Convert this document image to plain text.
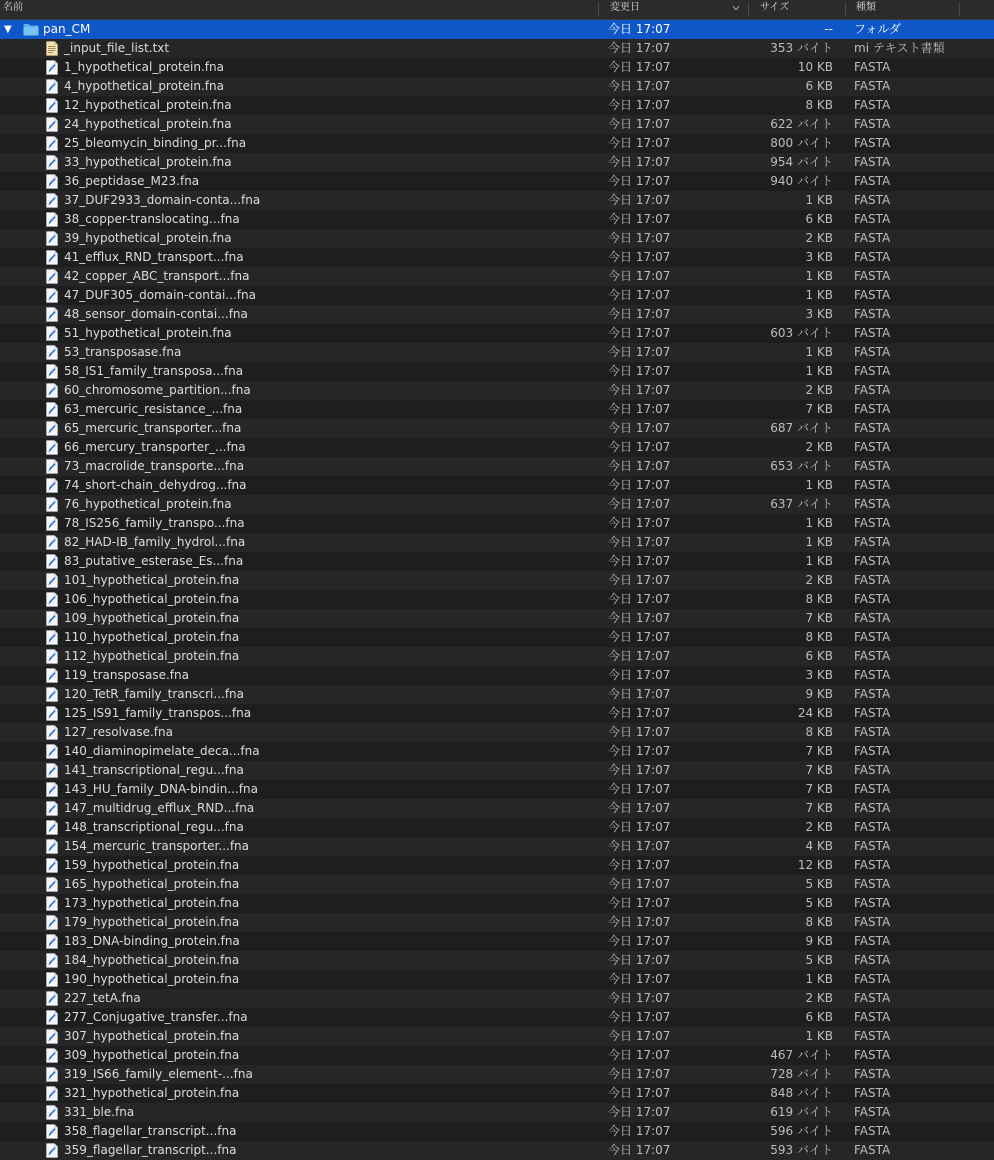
名前	変更日	サイズ	種類
▼	pan_CM	今日 17:07	-- フォルダ
_input_file_list.txt	今日 17:07	353 バイト mi テキスト書類
1_hypothetical_protein.fna	今日 17:07	10 KB FASTA
4_hypothetical_protein.fna	今日 17:07	6 KB FASTA
12_hypothetical_protein.fna	今日 17:07	8 KB FASTA
24_hypothetical_protein.fna	今日 17:07	622 バイト FASTA
25_bleomycin_binding_pr...fna	今日 17:07	800 バイト FASTA
33_hypothetical_protein.fna	今日 17:07	954 バイト FASTA
36_peptidase_M23.fna	今日 17:07	940 バイト FASTA
37_DUF2933_domain-conta...fna	今日 17:07	1 KB FASTA
38_copper-translocating...fna	今日 17:07	6 KB FASTA
39_hypothetical_protein.fna	今日 17:07	2 KB FASTA
41_efflux_RND_transport...fna	今日 17:07	3 KB FASTA
42_copper_ABC_transport...fna	今日 17:07	1 KB FASTA
47_DUF305_domain-contai...fna	今日 17:07	1 KB FASTA
48_sensor_domain-contai...fna	今日 17:07	3 KB FASTA
51_hypothetical_protein.fna	今日 17:07	603 バイト FASTA
53_transposase.fna	今日 17:07	1 KB FASTA
58_IS1_family_transposa...fna	今日 17:07	1 KB FASTA
60_chromosome_partition...fna	今日 17:07	2 KB FASTA
63_mercuric_resistance_...fna	今日 17:07	7 KB FASTA
65_mercuric_transporter...fna	今日 17:07	687 バイト FASTA
66_mercury_transporter_...fna	今日 17:07	2 KB FASTA
73_macrolide_transporte...fna	今日 17:07	653 バイト FASTA
74_short-chain_dehydrog...fna	今日 17:07	1 KB FASTA
76_hypothetical_protein.fna	今日 17:07	637 バイト FASTA
78_IS256_family_transpo...fna	今日 17:07	1 KB FASTA
82_HAD-IB_family_hydrol...fna	今日 17:07	1 KB FASTA
83_putative_esterase_Es...fna	今日 17:07	1 KB FASTA
101_hypothetical_protein.fna	今日 17:07	2 KB FASTA
106_hypothetical_protein.fna	今日 17:07	8 KB FASTA
109_hypothetical_protein.fna	今日 17:07	7 KB FASTA
110_hypothetical_protein.fna	今日 17:07	8 KB FASTA
112_hypothetical_protein.fna	今日 17:07	6 KB FASTA
119_transposase.fna	今日 17:07	3 KB FASTA
120_TetR_family_transcri...fna	今日 17:07	9 KB FASTA
125_IS91_family_transpos...fna	今日 17:07	24 KB FASTA
127_resolvase.fna	今日 17:07	8 KB FASTA
140_diaminopimelate_deca...fna	今日 17:07	7 KB FASTA
141_transcriptional_regu...fna	今日 17:07	7 KB FASTA
143_HU_family_DNA-bindin...fna	今日 17:07	7 KB FASTA
147_multidrug_efflux_RND...fna	今日 17:07	7 KB FASTA
148_transcriptional_regu...fna	今日 17:07	2 KB FASTA
154_mercuric_transporter...fna	今日 17:07	4 KB FASTA
159_hypothetical_protein.fna	今日 17:07	12 KB FASTA
165_hypothetical_protein.fna	今日 17:07	5 KB FASTA
173_hypothetical_protein.fna	今日 17:07	5 KB FASTA
179_hypothetical_protein.fna	今日 17:07	8 KB FASTA
183_DNA-binding_protein.fna	今日 17:07	9 KB FASTA
184_hypothetical_protein.fna	今日 17:07	5 KB FASTA
190_hypothetical_protein.fna	今日 17:07	1 KB FASTA
227_tetA.fna	今日 17:07	2 KB FASTA
277_Conjugative_transfer...fna	今日 17:07	6 KB FASTA
307_hypothetical_protein.fna	今日 17:07	1 KB FASTA
309_hypothetical_protein.fna	今日 17:07	467 バイト FASTA
319_IS66_family_element-...fna	今日 17:07	728 バイト FASTA
321_hypothetical_protein.fna	今日 17:07	848 バイト FASTA
331_ble.fna	今日 17:07	619 バイト FASTA
358_flagellar_transcript...fna	今日 17:07	596 バイト FASTA
359_flagellar_transcript...fna	今日 17:07	593 バイト FASTA
